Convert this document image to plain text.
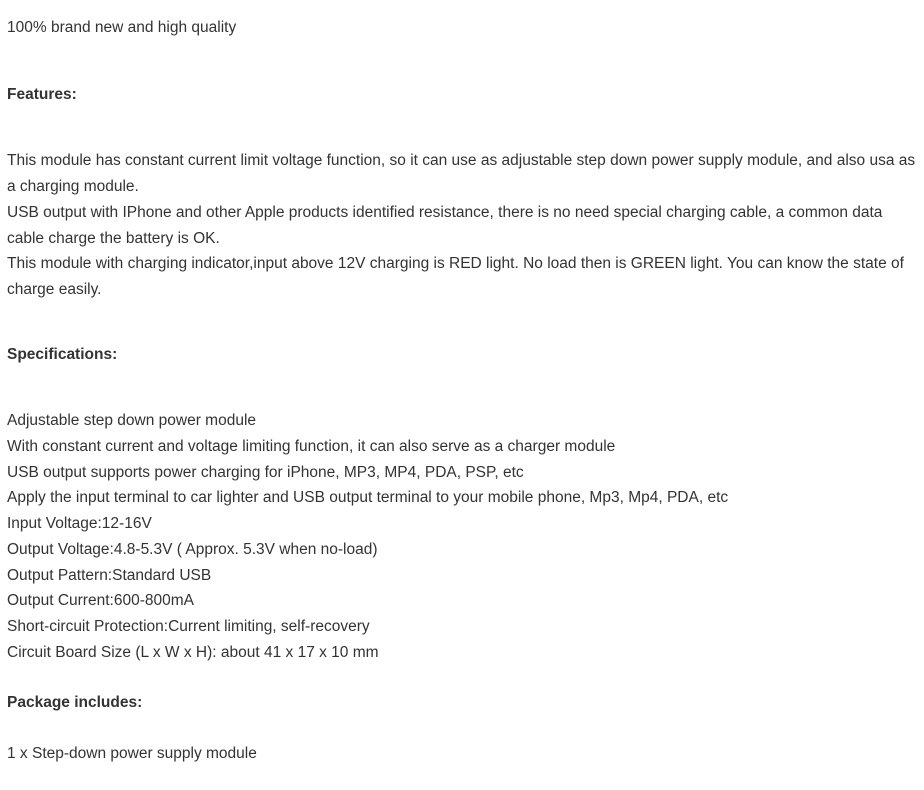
100% brand new and high quality
Features:
This module has constant current limit voltage function, so it can use as adjustable step down power supply module, and also usa as a charging module.
USB output with IPhone and other Apple products identified resistance, there is no need special charging cable, a common data cable charge the battery is OK.
This module with charging indicator,input above 12V charging is RED light. No load then is GREEN light. You can know the state of charge easily.
Specifications:
Adjustable step down power module
With constant current and voltage limiting function, it can also serve as a charger module
USB output supports power charging for iPhone, MP3, MP4, PDA, PSP, etc
Apply the input terminal to car lighter and USB output terminal to your mobile phone, Mp3, Mp4, PDA, etc
Input Voltage:12-16V
Output Voltage:4.8-5.3V ( Approx. 5.3V when no-load)
Output Pattern:Standard USB
Output Current:600-800mA
Short-circuit Protection:Current limiting, self-recovery
Circuit Board Size (L x W x H): about 41 x 17 x 10 mm
Package includes:
1 x Step-down power supply module
